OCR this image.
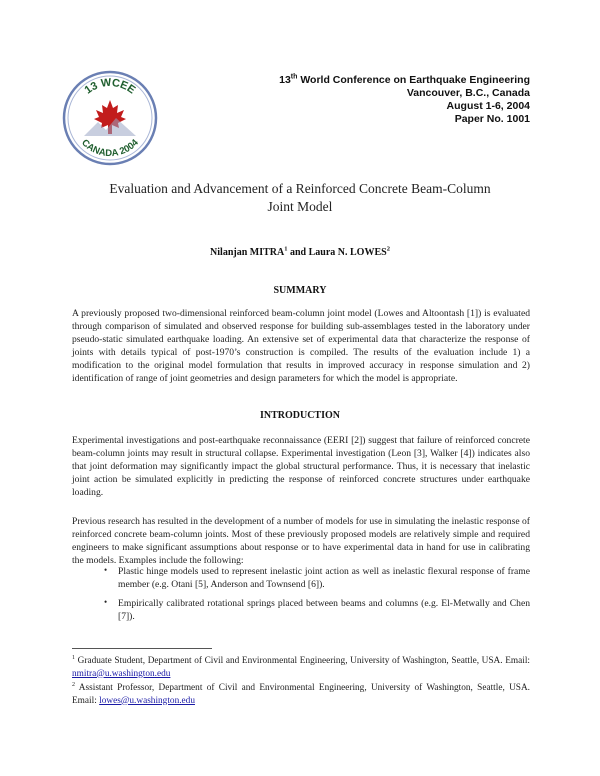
13 WCEE
CANADA 2004
13th World Conference on Earthquake Engineering
Vancouver, B.C., Canada
August 1-6, 2004
Paper No. 1001
Evaluation and Advancement of a Reinforced Concrete Beam-Column Joint Model
Nilanjan MITRA$^1$ and Laura N. LOWES$^2$
SUMMARY
A previously proposed two-dimensional reinforced beam-column joint model (Lowes and Altoontash [1]) is evaluated through comparison of simulated and observed response for building sub-assemblages tested in the laboratory under pseudo-static simulated earthquake loading. An extensive set of experimental data that characterize the response of joints with details typical of post-1970’s construction is compiled. The results of the evaluation include 1) a modification to the original model formulation that results in improved accuracy in response simulation and 2) identification of range of joint geometries and design parameters for which the model is appropriate.
INTRODUCTION
Experimental investigations and post-earthquake reconnaissance (EERI [2]) suggest that failure of reinforced concrete beam-column joints may result in structural collapse. Experimental investigation (Leon [3], Walker [4]) indicates also that joint deformation may significantly impact the global structural performance. Thus, it is necessary that inelastic joint action be simulated explicitly in predicting the response of reinforced concrete structures under earthquake loading.
Previous research has resulted in the development of a number of models for use in simulating the inelastic response of reinforced concrete beam-column joints. Most of these previously proposed models are relatively simple and required engineers to make significant assumptions about response or to have experimental data in hand for use in calibrating the models. Examples include the following:
• Plastic hinge models used to represent inelastic joint action as well as inelastic flexural response of frame member (e.g. Otani [5], Anderson and Townsend [6]).
• Empirically calibrated rotational springs placed between beams and columns (e.g. El-Metwally and Chen [7]).
$^1$ Graduate Student, Department of Civil and Environmental Engineering, University of Washington, Seattle, USA. Email: nmitra@u.washington.edu
$^2$ Assistant Professor, Department of Civil and Environmental Engineering, University of Washington, Seattle, USA. Email: lowes@u.washington.edu
